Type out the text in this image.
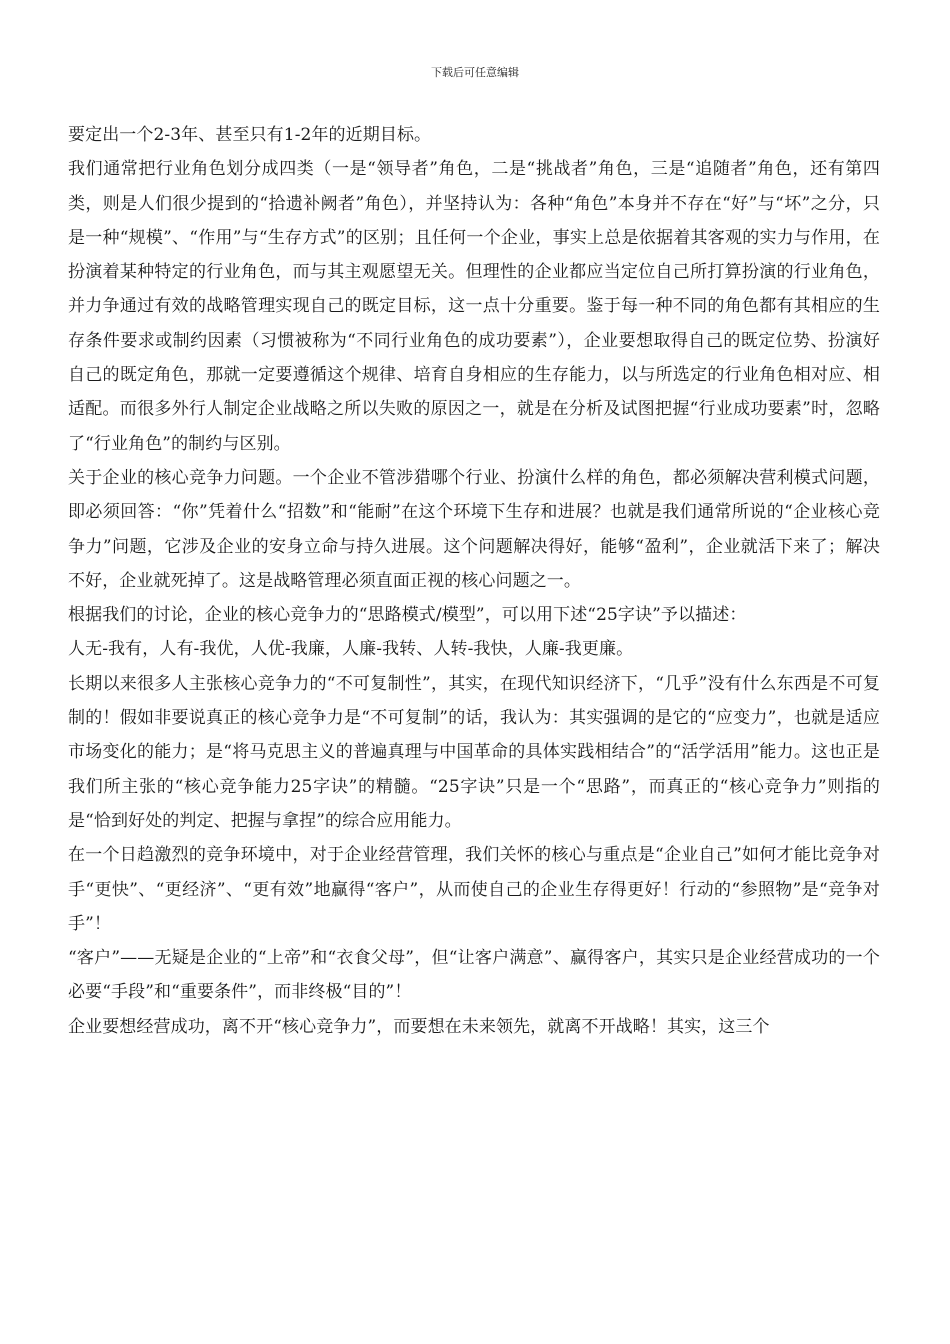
下载后可任意编辑

要定出一个2-3年、甚至只有1-2年的近期目标。

我们通常把行业角色划分成四类（一是“领导者”角色，二是“挑战者”角色，三是“追随者”角色，还有第四类，则是人们很少提到的“拾遗补阙者”角色），并坚持认为：各种“角色”本身并不存在“好”与“坏”之分，只是一种“规模”、“作用”与“生存方式”的区别；且任何一个企业，事实上总是依据着其客观的实力与作用，在扮演着某种特定的行业角色，而与其主观愿望无关。但理性的企业都应当定位自己所打算扮演的行业角色，并力争通过有效的战略管理实现自己的既定目标，这一点十分重要。鉴于每一种不同的角色都有其相应的生存条件要求或制约因素（习惯被称为“不同行业角色的成功要素”），企业要想取得自己的既定位势、扮演好自己的既定角色，那就一定要遵循这个规律、培育自身相应的生存能力，以与所选定的行业角色相对应、相适配。而很多外行人制定企业战略之所以失败的原因之一，就是在分析及试图把握“行业成功要素”时，忽略了“行业角色”的制约与区别。

关于企业的核心竞争力问题。一个企业不管涉猎哪个行业、扮演什么样的角色，都必须解决营利模式问题，即必须回答：“你”凭着什么“招数”和“能耐”在这个环境下生存和进展？也就是我们通常所说的“企业核心竞争力”问题，它涉及企业的安身立命与持久进展。这个问题解决得好，能够“盈利”，企业就活下来了；解决不好，企业就死掉了。这是战略管理必须直面正视的核心问题之一。

根据我们的讨论，企业的核心竞争力的“思路模式/模型”，可以用下述“25字诀”予以描述：

人无-我有，人有-我优，人优-我廉，人廉-我转、人转-我快，人廉-我更廉。

长期以来很多人主张核心竞争力的“不可复制性”，其实，在现代知识经济下，“几乎”没有什么东西是不可复制的！假如非要说真正的核心竞争力是“不可复制”的话，我认为：其实强调的是它的“应变力”，也就是适应市场变化的能力；是“将马克思主义的普遍真理与中国革命的具体实践相结合”的“活学活用”能力。这也正是我们所主张的“核心竞争能力25字诀”的精髓。“25字诀”只是一个“思路”，而真正的“核心竞争力”则指的是“恰到好处的判定、把握与拿捏”的综合应用能力。

在一个日趋激烈的竞争环境中，对于企业经营管理，我们关怀的核心与重点是“企业自己”如何才能比竞争对手“更快”、“更经济”、“更有效”地赢得“客户”，从而使自己的企业生存得更好！行动的“参照物”是“竞争对手”！

“客户”——无疑是企业的“上帝”和“衣食父母”，但“让客户满意”、赢得客户，其实只是企业经营成功的一个必要“手段”和“重要条件”，而非终极“目的”！

企业要想经营成功，离不开“核心竞争力”，而要想在未来领先，就离不开战略！其实，这三个
